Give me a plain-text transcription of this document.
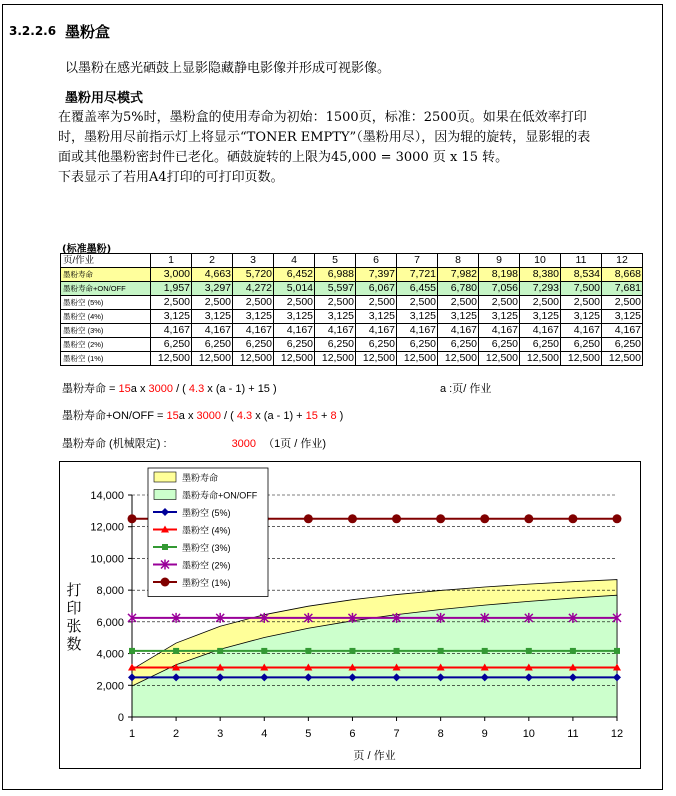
3.2.2.6 墨粉盒
以墨粉在感光硒鼓上显影隐藏静电影像并形成可视影像。
墨粉用尽模式
在覆盖率为5%时，墨粉盒的使用寿命为初始：1500页，标准：2500页。如果在低效率打印
时，墨粉用尽前指示灯上将显示“TONER EMPTY”（墨粉用尽），因为辊的旋转，显影辊的表
面或其他墨粉密封件已老化。硒鼓旋转的上限为45,000 = 3000 页 x 15 转。
下表显示了若用A4打印的可打印页数。
(标准墨粉)
页/作业	1	2	3	4	5	6	7	8	9	10	11	12
墨粉寿命	3,000	4,663	5,720	6,452	6,988	7,397	7,721	7,982	8,198	8,380	8,534	8,668
墨粉寿命+ON/OFF	1,957	3,297	4,272	5,014	5,597	6,067	6,455	6,780	7,056	7,293	7,500	7,681
墨粉空 (5%)	2,500	2,500	2,500	2,500	2,500	2,500	2,500	2,500	2,500	2,500	2,500	2,500
墨粉空 (4%)	3,125	3,125	3,125	3,125	3,125	3,125	3,125	3,125	3,125	3,125	3,125	3,125
墨粉空 (3%)	4,167	4,167	4,167	4,167	4,167	4,167	4,167	4,167	4,167	4,167	4,167	4,167
墨粉空 (2%)	6,250	6,250	6,250	6,250	6,250	6,250	6,250	6,250	6,250	6,250	6,250	6,250
墨粉空 (1%)	12,500	12,500	12,500	12,500	12,500	12,500	12,500	12,500	12,500	12,500	12,500	12,500
墨粉寿命 = 15a x 3000 / ( 4.3 x (a - 1) + 15 )	a :页/ 作业
墨粉寿命+ON/OFF = 15a x 3000 / ( 4.3 x (a - 1) + 15 + 8 )
墨粉寿命 (机械限定) :	3000 （1页 / 作业)
0
2,000
4,000
6,000
8,000
10,000
12,000
14,000
1	2	3	4	5	6	7	8	9	10	11	12
页 / 作业
打印张数
墨粉寿命
墨粉寿命+ON/OFF
墨粉空 (5%)
墨粉空 (4%)
墨粉空 (3%)
墨粉空 (2%)
墨粉空 (1%)
